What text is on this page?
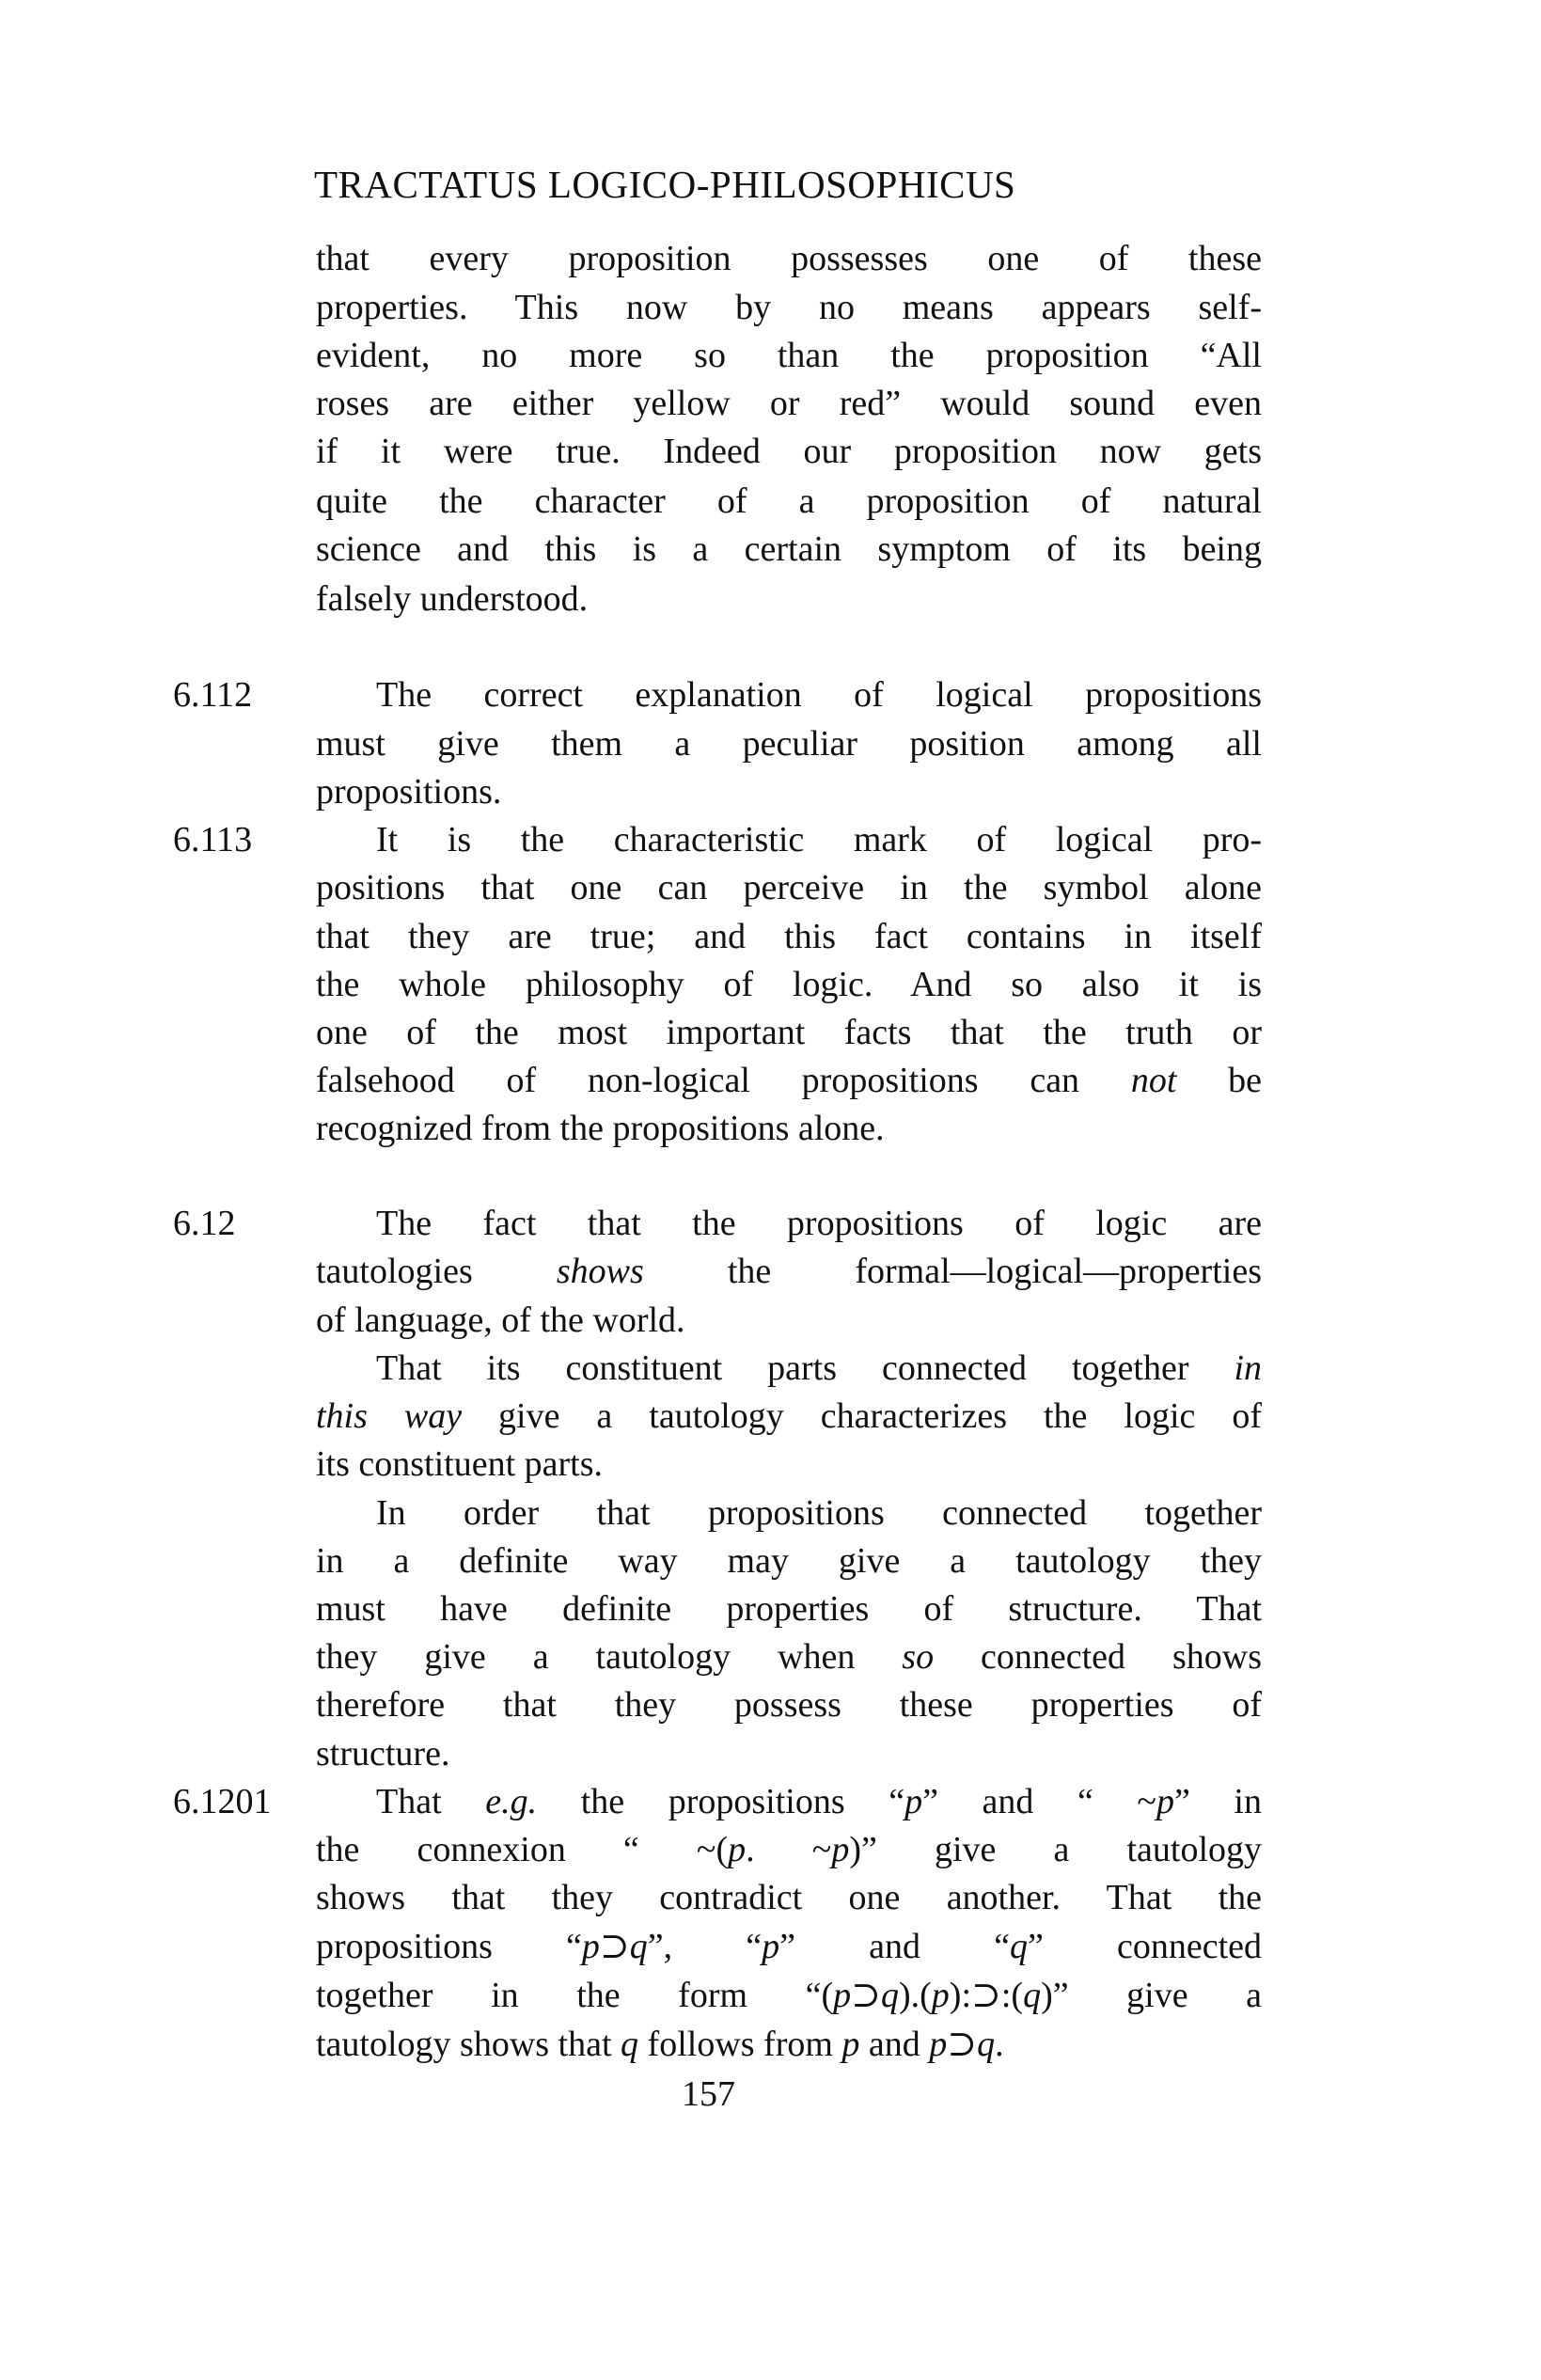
TRACTATUS LOGICO-PHILOSOPHICUS
that every proposition possesses one of these
properties. This now by no means appears self-
evident, no more so than the proposition “All
roses are either yellow or red” would sound even
if it were true. Indeed our proposition now gets
quite the character of a proposition of natural
science and this is a certain symptom of its being
falsely understood.
6.112	The correct explanation of logical propositions
must give them a peculiar position among all
propositions.
6.113	It is the characteristic mark of logical pro-
positions that one can perceive in the symbol alone
that they are true; and this fact contains in itself
the whole philosophy of logic. And so also it is
one of the most important facts that the truth or
falsehood of non-logical propositions can not be
recognized from the propositions alone.
6.12	The fact that the propositions of logic are
tautologies shows the formal—logical—properties
of language, of the world.
That its constituent parts connected together in
this way give a tautology characterizes the logic of
its constituent parts.
In order that propositions connected together
in a definite way may give a tautology they
must have definite properties of structure. That
they give a tautology when so connected shows
therefore that they possess these properties of
structure.
6.1201	That e.g. the propositions “p” and “ ~p” in
the connexion “ ~(p. ~p)” give a tautology
shows that they contradict one another. That the
propositions “p⊃q”, “p” and “q” connected
together in the form “(p⊃q).(p):⊃:(q)” give a
tautology shows that q follows from p and p⊃q.
157
